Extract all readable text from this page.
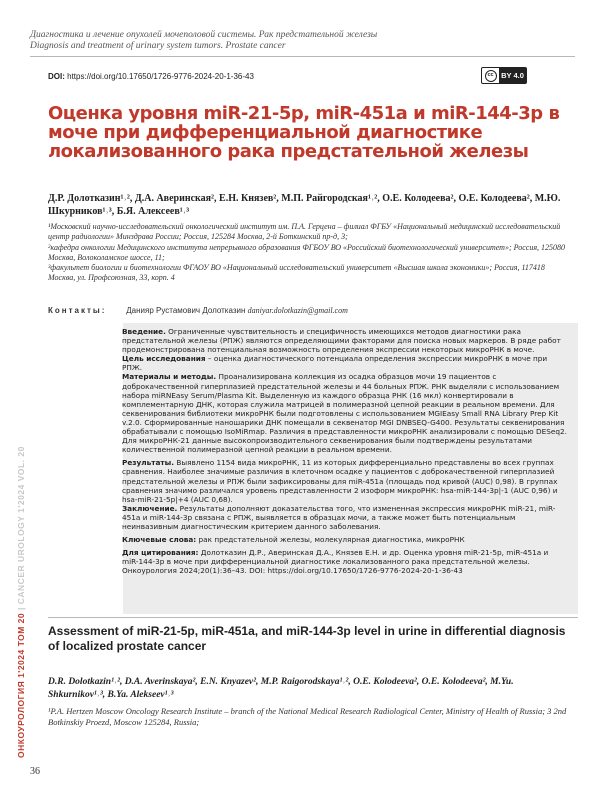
Диагностика и лечение опухолей мочеполовой системы. Рак предстательной железы
Diagnosis and treatment of urinary system tumors. Prostate cancer
DOI: https://doi.org/10.17650/1726-9776-2024-20-1-36-43	cc	BY 4.0
Оценка уровня miR-21-5p, miR-451a и miR-144-3p в моче при дифференциальной диагностике локализованного рака предстательной железы
Д.Р. Долотказин¹˒², Д.А. Аверинская², Е.Н. Князев², М.П. Райгородская¹˒², О.Е. Колодеева², О.Е. Колодеева², М.Ю. Шкурников¹˒³, Б.Я. Алексеев¹˒³

¹Московский научно-исследовательский онкологический институт им. П.А. Герцена – филиал ФГБУ «Национальный медицинский исследовательский центр радиологии» Минздрава России; Россия, 125284 Москва, 2-й Боткинский пр-д, 3;

²кафедра онкологии Медицинского института непрерывного образования ФГБОУ ВО «Российский биотехнологический университет»; Россия, 125080 Москва, Волоколамское шоссе, 11;

³факультет биологии и биотехнологии ФГАОУ ВО «Национальный исследовательский университет «Высшая школа экономики»; Россия, 117418 Москва, ул. Профсоюзная, 33, корп. 4

Контакты: Данияр Рустамович Долотказин daniyar.dolotkazin@gmail.com

Введение. Ограниченные чувствительность и специфичность имеющихся методов диагностики рака предстательной железы (РПЖ) являются определяющими факторами для поиска новых маркеров. В ряде работ продемонстрирована потенциальная возможность определения экспрессии некоторых микроРНК в моче.
Цель исследования – оценка диагностического потенциала определения экспрессии микроРНК в моче при РПЖ.
Материалы и методы. Проанализирована коллекция из осадка образцов мочи 19 пациентов с доброкачественной гиперплазией предстательной железы и 44 больных РПЖ. РНК выделяли с использованием набора miRNEasy Serum/Plasma Kit. Выделенную из каждого образца РНК (16 мкл) конвертировали в комплементарную ДНК, которая служила матрицей в полимеразной цепной реакции в реальном времени. Для секвенирования библиотеки микроРНК были подготовлены с использованием MGIEasy Small RNA Library Prep Kit v.2.0. Сформированные наношарики ДНК помещали в секвенатор MGI DNBSEQ-G400. Результаты секвенирования обрабатывали с помощью IsoMiRmap. Различия в представленности микроРНК анализировали с помощью DESeq2. Для микроРНК-21 данные высокопроизводительного секвенирования были подтверждены результатами количественной полимеразной цепной реакции в реальном времени.

Результаты. Выявлено 1154 вида микроРНК, 11 из которых дифференциально представлены во всех группах сравнения. Наиболее значимые различия в клеточном осадке у пациентов с доброкачественной гиперплазией предстательной железы и РПЖ были зафиксированы для miR-451a (площадь под кривой (AUC) 0,98). В группах сравнения значимо различался уровень представленности 2 изоформ микроРНК: hsa-miR-144-3p|-1 (AUC 0,96) и hsa-miR-21-5p|+4 (AUC 0,68).
Заключение. Результаты дополняют доказательства того, что измененная экспрессия микроРНК miR-21, miR-451a и miR-144-3p связана с РПЖ, выявляется в образцах мочи, а также может быть потенциальным неинвазивным диагностическим критерием данного заболевания.

Ключевые слова: рак предстательной железы, молекулярная диагностика, микроРНК

Для цитирования: Долотказин Д.Р., Аверинская Д.А., Князев Е.Н. и др. Оценка уровня miR-21-5p, miR-451a и miR-144-3p в моче при дифференциальной диагностике локализованного рака предстательной железы. Онкоурология 2024;20(1):36–43. DOI: https://doi.org/10.17650/1726-9776-2024-20-1-36-43

ОНКОУРОЛОГИЯ 1'2024 ТОМ 20 | CANCER UROLOGY 1'2024 VOL. 20
Assessment of miR-21-5p, miR-451a, and miR-144-3p level in urine in differential diagnosis of localized prostate cancer
D.R. Dolotkazin¹˒², D.A. Averinskaya², E.N. Knyazev², M.P. Raigorodskaya¹˒², O.E. Kolodeeva², O.E. Kolodeeva², M.Yu. Shkurnikov¹˒³, B.Ya. Alekseev¹˒³
¹P.A. Hertzen Moscow Oncology Research Institute – branch of the National Medical Research Radiological Center, Ministry of Health of Russia; 3 2nd Botkinskiy Proezd, Moscow 125284, Russia;
36
